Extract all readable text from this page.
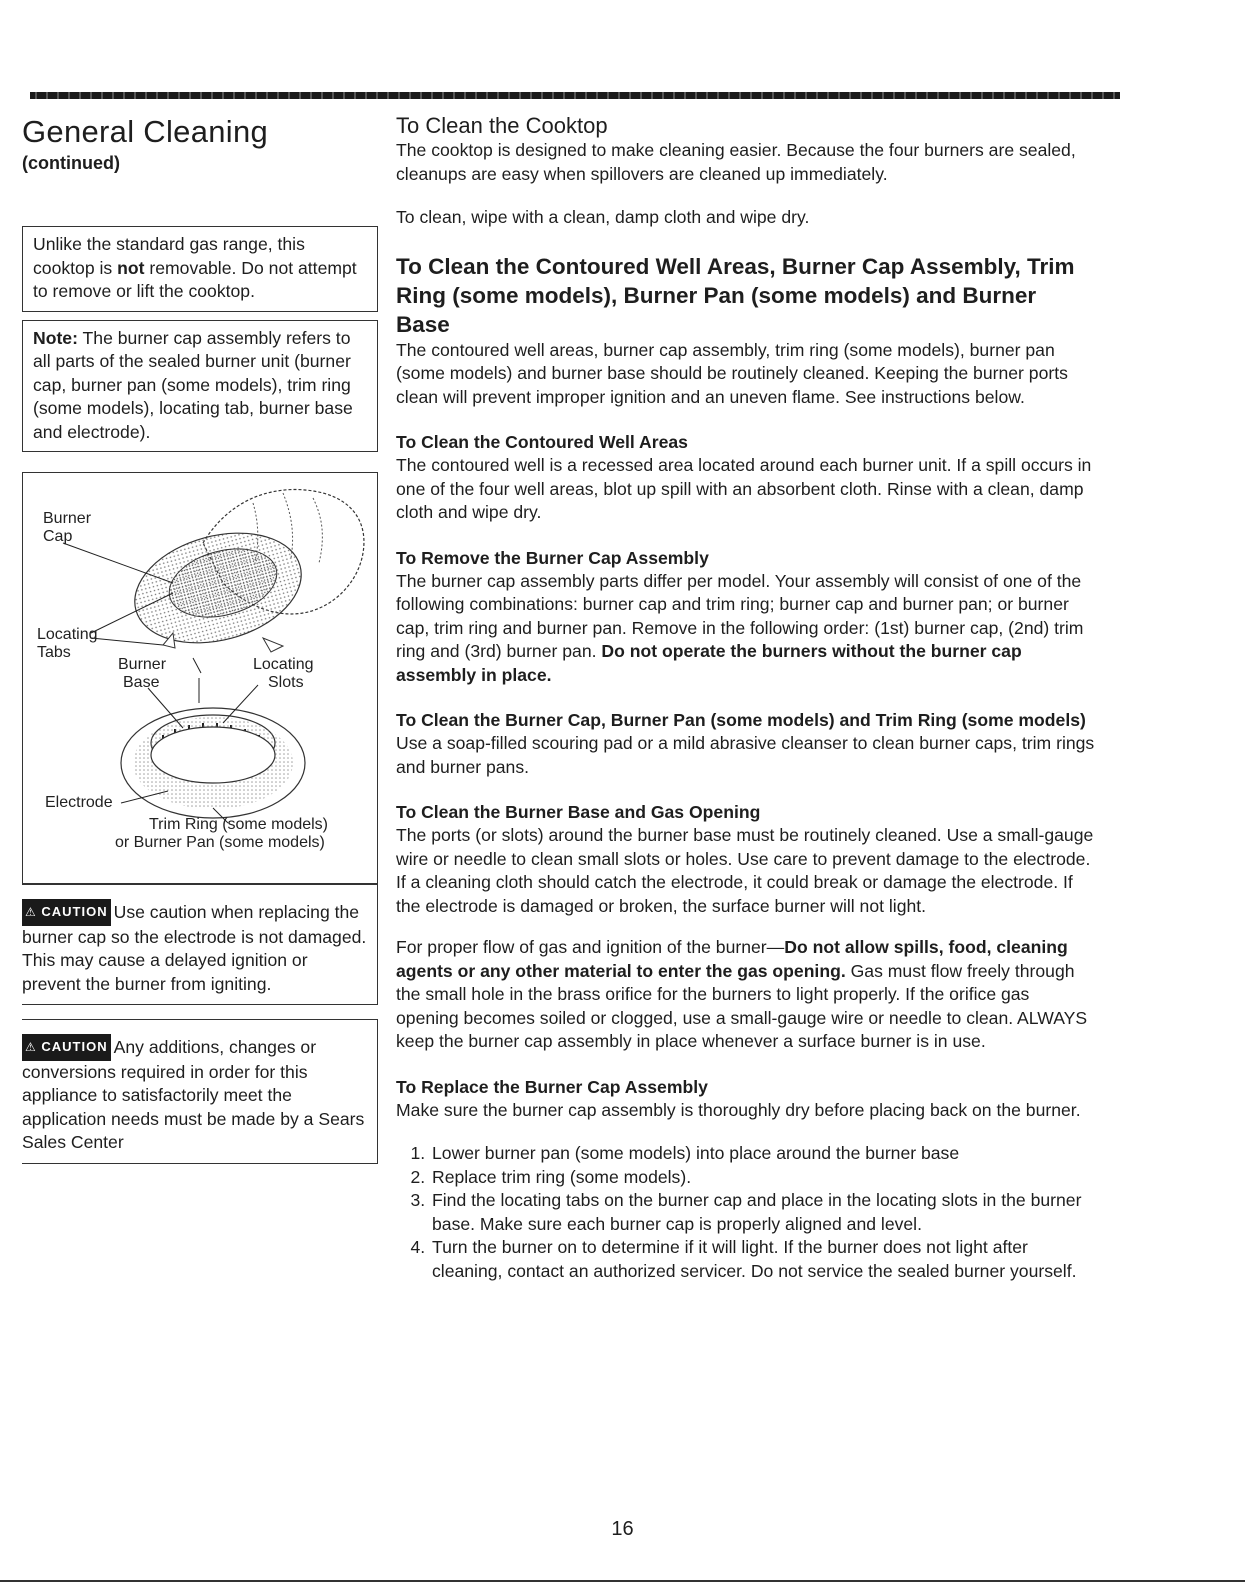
General Cleaning
(continued)
Unlike the standard gas range, this cooktop is not removable. Do not attempt to remove or lift the cooktop.
Note: The burner cap assembly refers to all parts of the sealed burner unit (burner cap, burner pan (some models), trim ring (some models), locating tab, burner base and electrode).
Burner
Cap
Locating
Tabs
Burner
Base
Locating
Slots
Electrode
Trim Ring (some models)
or Burner Pan (some models)
⚠ CAUTION Use caution when replacing the burner cap so the electrode is not damaged. This may cause a delayed ignition or prevent the burner from igniting.
⚠ CAUTION Any additions, changes or conversions required in order for this appliance to satisfactorily meet the application needs must be made by a Sears Sales Center
To Clean the Cooktop

The cooktop is designed to make cleaning easier. Because the four burners are sealed, cleanups are easy when spillovers are cleaned up immediately.

To clean, wipe with a clean, damp cloth and wipe dry.

To Clean the Contoured Well Areas, Burner Cap Assembly, Trim Ring (some models), Burner Pan (some models) and Burner Base

The contoured well areas, burner cap assembly, trim ring (some models), burner pan (some models) and burner base should be routinely cleaned. Keeping the burner ports clean will prevent improper ignition and an uneven flame. See instructions below.

To Clean the Contoured Well Areas

The contoured well is a recessed area located around each burner unit. If a spill occurs in one of the four well areas, blot up spill with an absorbent cloth. Rinse with a clean, damp cloth and wipe dry.

To Remove the Burner Cap Assembly

The burner cap assembly parts differ per model. Your assembly will consist of one of the following combinations: burner cap and trim ring; burner cap and burner pan; or burner cap, trim ring and burner pan. Remove in the following order: (1st) burner cap, (2nd) trim ring and (3rd) burner pan. Do not operate the burners without the burner cap assembly in place.

To Clean the Burner Cap, Burner Pan (some models) and Trim Ring (some models)

Use a soap-filled scouring pad or a mild abrasive cleanser to clean burner caps, trim rings and burner pans.

To Clean the Burner Base and Gas Opening

The ports (or slots) around the burner base must be routinely cleaned. Use a small-gauge wire or needle to clean small slots or holes. Use care to prevent damage to the electrode. If a cleaning cloth should catch the electrode, it could break or damage the electrode. If the electrode is damaged or broken, the surface burner will not light.

For proper flow of gas and ignition of the burner—Do not allow spills, food, cleaning agents or any other material to enter the gas opening. Gas must flow freely through the small hole in the brass orifice for the burners to light properly. If the orifice gas opening becomes soiled or clogged, use a small-gauge wire or needle to clean. ALWAYS keep the burner cap assembly in place whenever a surface burner is in use.

To Replace the Burner Cap Assembly

Make sure the burner cap assembly is thoroughly dry before placing back on the burner.

1. Lower burner pan (some models) into place around the burner base
2. Replace trim ring (some models).
3. Find the locating tabs on the burner cap and place in the locating slots in the burner base. Make sure each burner cap is properly aligned and level.
4. Turn the burner on to determine if it will light. If the burner does not light after cleaning, contact an authorized servicer. Do not service the sealed burner yourself.
16
